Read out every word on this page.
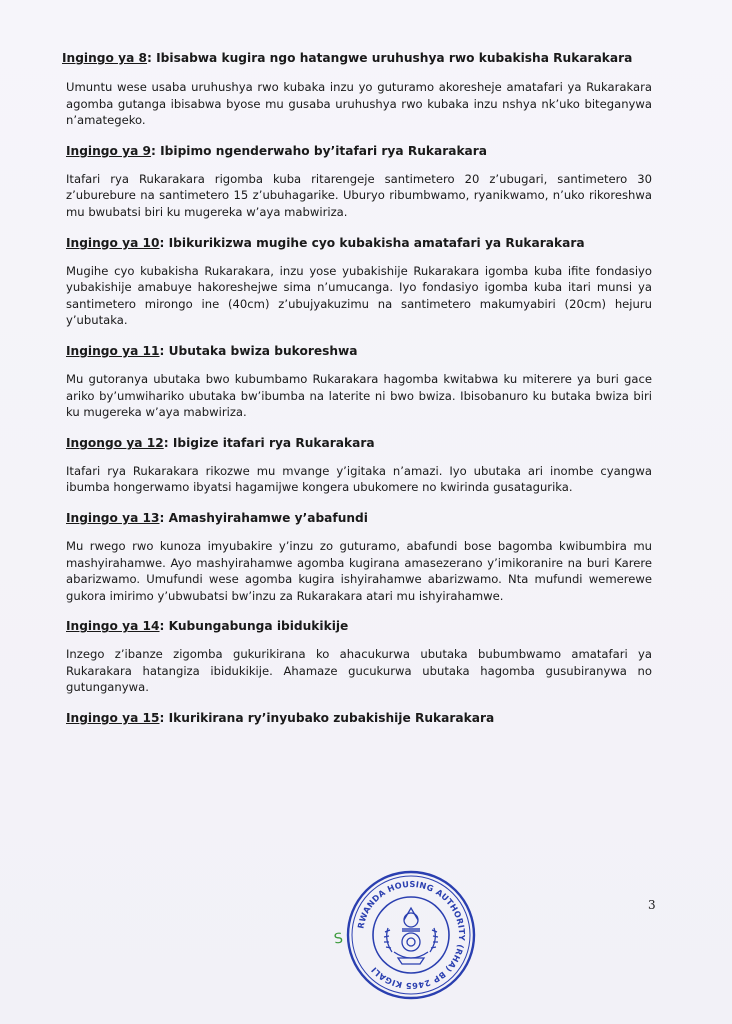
Ingingo ya 8: Ibisabwa kugira ngo hatangwe uruhushya rwo kubakisha Rukarakara

Umuntu wese usaba uruhushya rwo kubaka inzu yo guturamo akoresheje amatafari ya Rukarakara agomba gutanga ibisabwa byose mu gusaba uruhushya rwo kubaka inzu nshya nk’uko biteganywa n’amategeko.

Ingingo ya 9: Ibipimo ngenderwaho by’itafari rya Rukarakara

Itafari rya Rukarakara rigomba kuba ritarengeje santimetero 20 z’ubugari, santimetero 30 z’uburebure na santimetero 15 z’ubuhagarike. Uburyo ribumbwamo, ryanikwamo, n’uko rikoreshwa mu bwubatsi biri ku mugereka w’aya mabwiriza.

Ingingo ya 10: Ibikurikizwa mugihe cyo kubakisha amatafari ya Rukarakara

Mugihe cyo kubakisha Rukarakara, inzu yose yubakishije Rukarakara igomba kuba ifite fondasiyo yubakishije amabuye hakoreshejwe sima n’umucanga. Iyo fondasiyo igomba kuba itari munsi ya santimetero mirongo ine (40cm) z’ubujyakuzimu na santimetero makumyabiri (20cm) hejuru y’ubutaka.

Ingingo ya 11: Ubutaka bwiza bukoreshwa

Mu gutoranya ubutaka bwo kubumbamo Rukarakara hagomba kwitabwa ku miterere ya buri gace ariko by’umwihariko ubutaka bw’ibumba na laterite ni bwo bwiza. Ibisobanuro ku butaka bwiza biri ku mugereka w’aya mabwiriza.

Ingongo ya 12: Ibigize itafari rya Rukarakara

Itafari rya Rukarakara rikozwe mu mvange y’igitaka n’amazi. Iyo ubutaka ari inombe cyangwa ibumba hongerwamo ibyatsi hagamijwe kongera ubukomere no kwirinda gusatagurika.

Ingingo ya 13: Amashyirahamwe y’abafundi

Mu rwego rwo kunoza imyubakire y’inzu zo guturamo, abafundi bose bagomba kwibumbira mu mashyirahamwe. Ayo mashyirahamwe agomba kugirana amasezerano y’imikoranire na buri Karere abarizwamo. Umufundi wese agomba kugira ishyirahamwe abarizwamo. Nta mufundi wemerewe gukora imirimo y’ubwubatsi bw’inzu za Rukarakara atari mu ishyirahamwe.

Ingingo ya 14: Kubungabunga ibidukikije

Inzego z’ibanze zigomba gukurikirana ko ahacukurwa ubutaka bubumbwamo amatafari ya Rukarakara hatangiza ibidukikije. Ahamaze gucukurwa ubutaka hagomba gusubiranywa no gutunganywa.

Ingingo ya 15: Ikurikirana ry’inyubako zubakishije Rukarakara

3
S
RWANDA HOUSING AUTHORITY (RHA) BP 2465 KIGALI
